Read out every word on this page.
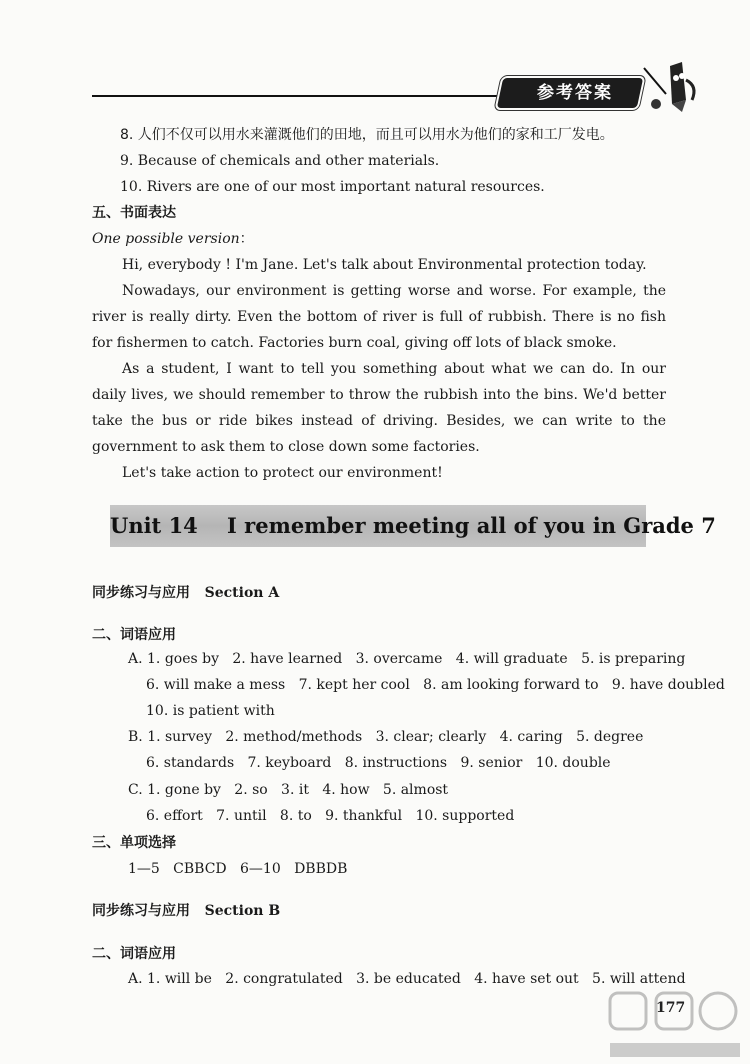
参考答案
8. 人们不仅可以用水来灌溉他们的田地，而且可以用水为他们的家和工厂发电。
9. Because of chemicals and other materials.
10. Rivers are one of our most important natural resources.
五、书面表达
One possible version：

Hi, everybody ! I'm Jane. Let's talk about Environmental protection today.

Nowadays, our environment is getting worse and worse. For example, the river is really dirty. Even the bottom of river is full of rubbish. There is no fish for fishermen to catch. Factories burn coal, giving off lots of black smoke.

As a student, I want to tell you something about what we can do. In our daily lives, we should remember to throw the rubbish into the bins. We'd better take the bus or ride bikes instead of driving. Besides, we can write to the government to ask them to close down some factories.

Let's take action to protect our environment!

Unit 14    I remember meeting all of you in Grade 7
同步练习与应用 Section A
二、词语应用
A. 1. goes by   2. have learned   3. overcame   4. will graduate   5. is preparing
6. will make a mess   7. kept her cool   8. am looking forward to   9. have doubled
10. is patient with
B. 1. survey   2. method/methods   3. clear; clearly   4. caring   5. degree
6. standards   7. keyboard   8. instructions   9. senior   10. double
C. 1. gone by   2. so   3. it   4. how   5. almost
6. effort   7. until   8. to   9. thankful   10. supported
三、单项选择
1—5   CBBCD   6—10   DBBDB
同步练习与应用 Section B
二、词语应用
A. 1. will be   2. congratulated   3. be educated   4. have set out   5. will attend
177
